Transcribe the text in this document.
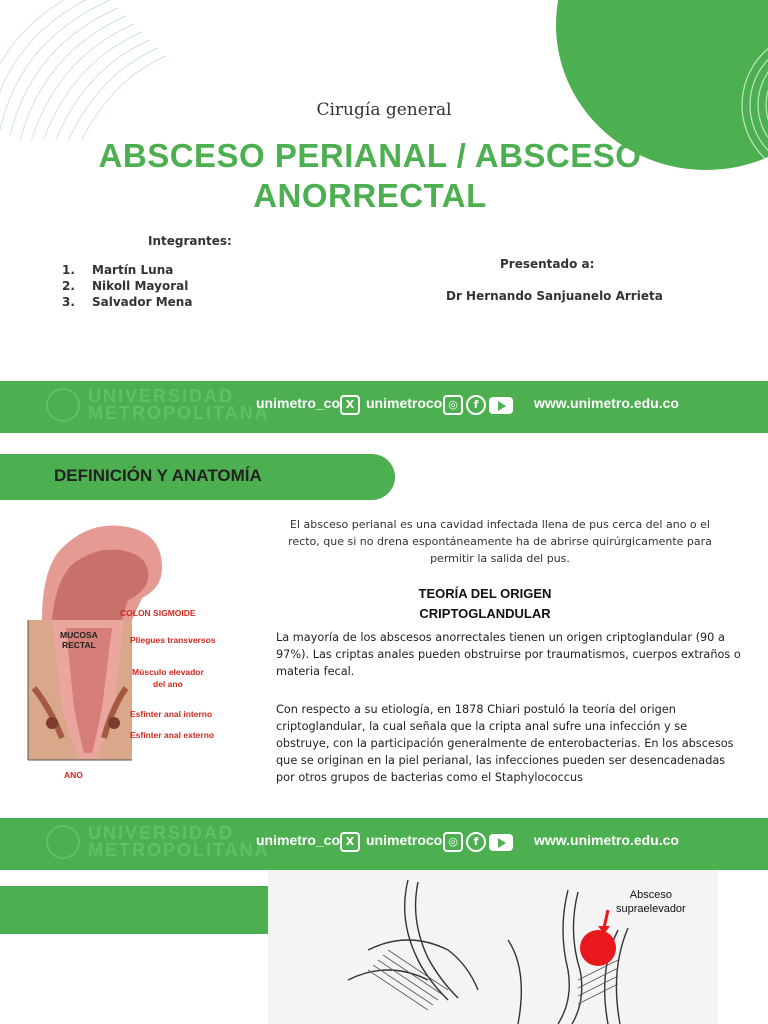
Cirugía general
ABSCESO PERIANAL / ABSCESO ANORRECTAL
Integrantes:
1.	Martín Luna
2.	Nikoll Mayoral
3.	Salvador Mena
Presentado a:
Dr Hernando Sanjuanelo Arrieta
UNIVERSIDAD
METROPOLITANA
unimetro_co X unimetroco ◎	f	www.unimetro.edu.co
DEFINICIÓN Y ANATOMÍA
COLON SIGMOIDE
MUCOSA
RECTAL	Pliegues transversos
Músculo elevador
del ano
Esfínter anal interno
Esfínter anal externo
ANO
El absceso perianal es una cavidad infectada llena de pus cerca del ano o el recto, que si no drena espontáneamente ha de abrirse quirúrgicamente para permitir la salida del pus.
TEORÍA DEL ORIGEN
CRIPTOGLANDULAR
La mayoría de los abscesos anorrectales tienen un origen criptoglandular (90 a 97%). Las criptas anales pueden obstruirse por traumatismos, cuerpos extraños o materia fecal.
Con respecto a su etiología, en 1878 Chiari postuló la teoría del origen criptoglandular, la cual señala que la cripta anal sufre una infección y se obstruye, con la participación generalmente de enterobacterias. En los abscesos que se originan en la piel perianal, las infecciones pueden ser desencadenadas por otros grupos de bacterias como el Staphylococcus
UNIVERSIDAD
METROPOLITANA
unimetro_co X unimetroco ◎	f	www.unimetro.edu.co
Absceso
supraelevador
